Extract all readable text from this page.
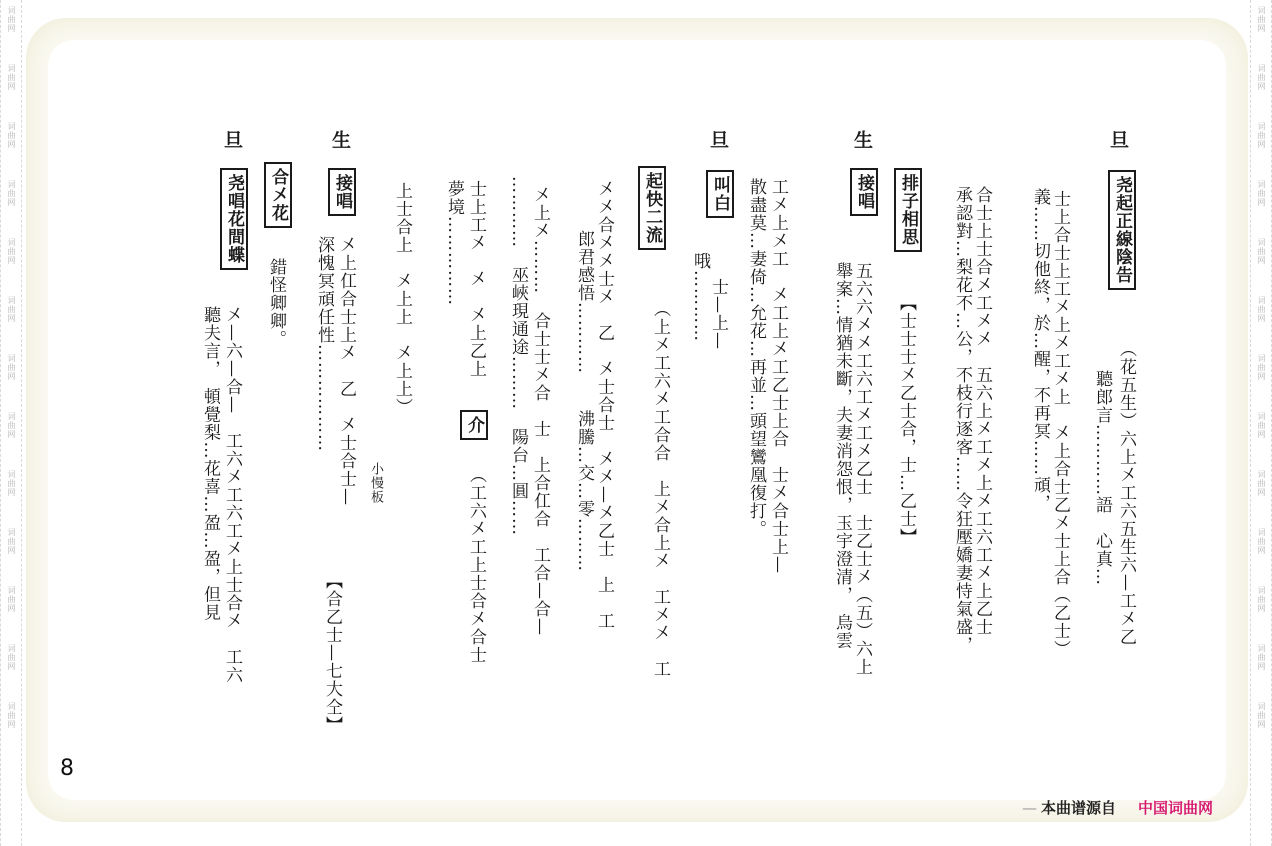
词曲网
词曲网
词曲网
词曲网
词曲网
词曲网
词曲网
词曲网
词曲网
词曲网
词曲网
词曲网
词曲网
词曲网
词曲网
词曲网
词曲网
词曲网
词曲网
词曲网
词曲网
词曲网
词曲网
词曲网
词曲网
词曲网
旦
尧起正線陰告
（花五生）六上㐅工六五生六—工㐅乙
聽郎言…………語　心真…
士上合士上工㐅上㐅工㐅上　㐅上合士乙㐅士上合（乙士）
義……切他終，於…醒，不再冥……頑，
合士上士合㐅工㐅㐅　五六上㐅工㐅上㐅工六工㐅上乙士
承認對…梨花不…公，不枝行逐客……令狂壓嬌妻恃氣盛，
排子相思
【士士士㐅乙士合，士…乙士】
生
接唱
五六六㐅㐅工六工㐅工㐅乙士　士乙士㐅（五）六上
舉案…情猶未斷，夫妻消怨恨，玉宇澄清，　烏雲
工㐅上㐅工　㐅工上㐅工乙士上合　士㐅合士上—
散盡莫…妻倚…允花…再並…頭望鸞凰復打。
旦
叫白
士—上—
哦…………
起快二流
（上㐅工六㐅工合合　上㐅合上㐅　工㐅㐅　工
㐅㐅合㐅㐅士㐅　乙　㐅士合士　㐅㐅—㐅乙士　上　工
郎君感悟…………　　沸騰…交…零………
㐅上㐅………　合士士㐅合　士　上合仜合　工合—合—
…………　巫峽現通途………　陽台…圓……
士上工㐅　㐅　㐅上乙上
介
（工六㐅工上士合㐅合士
夢境……………
上士合上　㐅上上　㐅上上）
生
接唱
㐅上仜合士上㐅　乙　㐅士合士—
深愧冥頑任性………………
小慢板
【合乙士—七大仝】
合㐅花
錯怪卿卿。
旦
尧唱花間蝶
㐅—六—合—　工六㐅工六工㐅上士合㐅　工六
聽夫言，　頓覺梨…花喜…盈…盈，但見
8
— 本曲谱源自 中国词曲网
